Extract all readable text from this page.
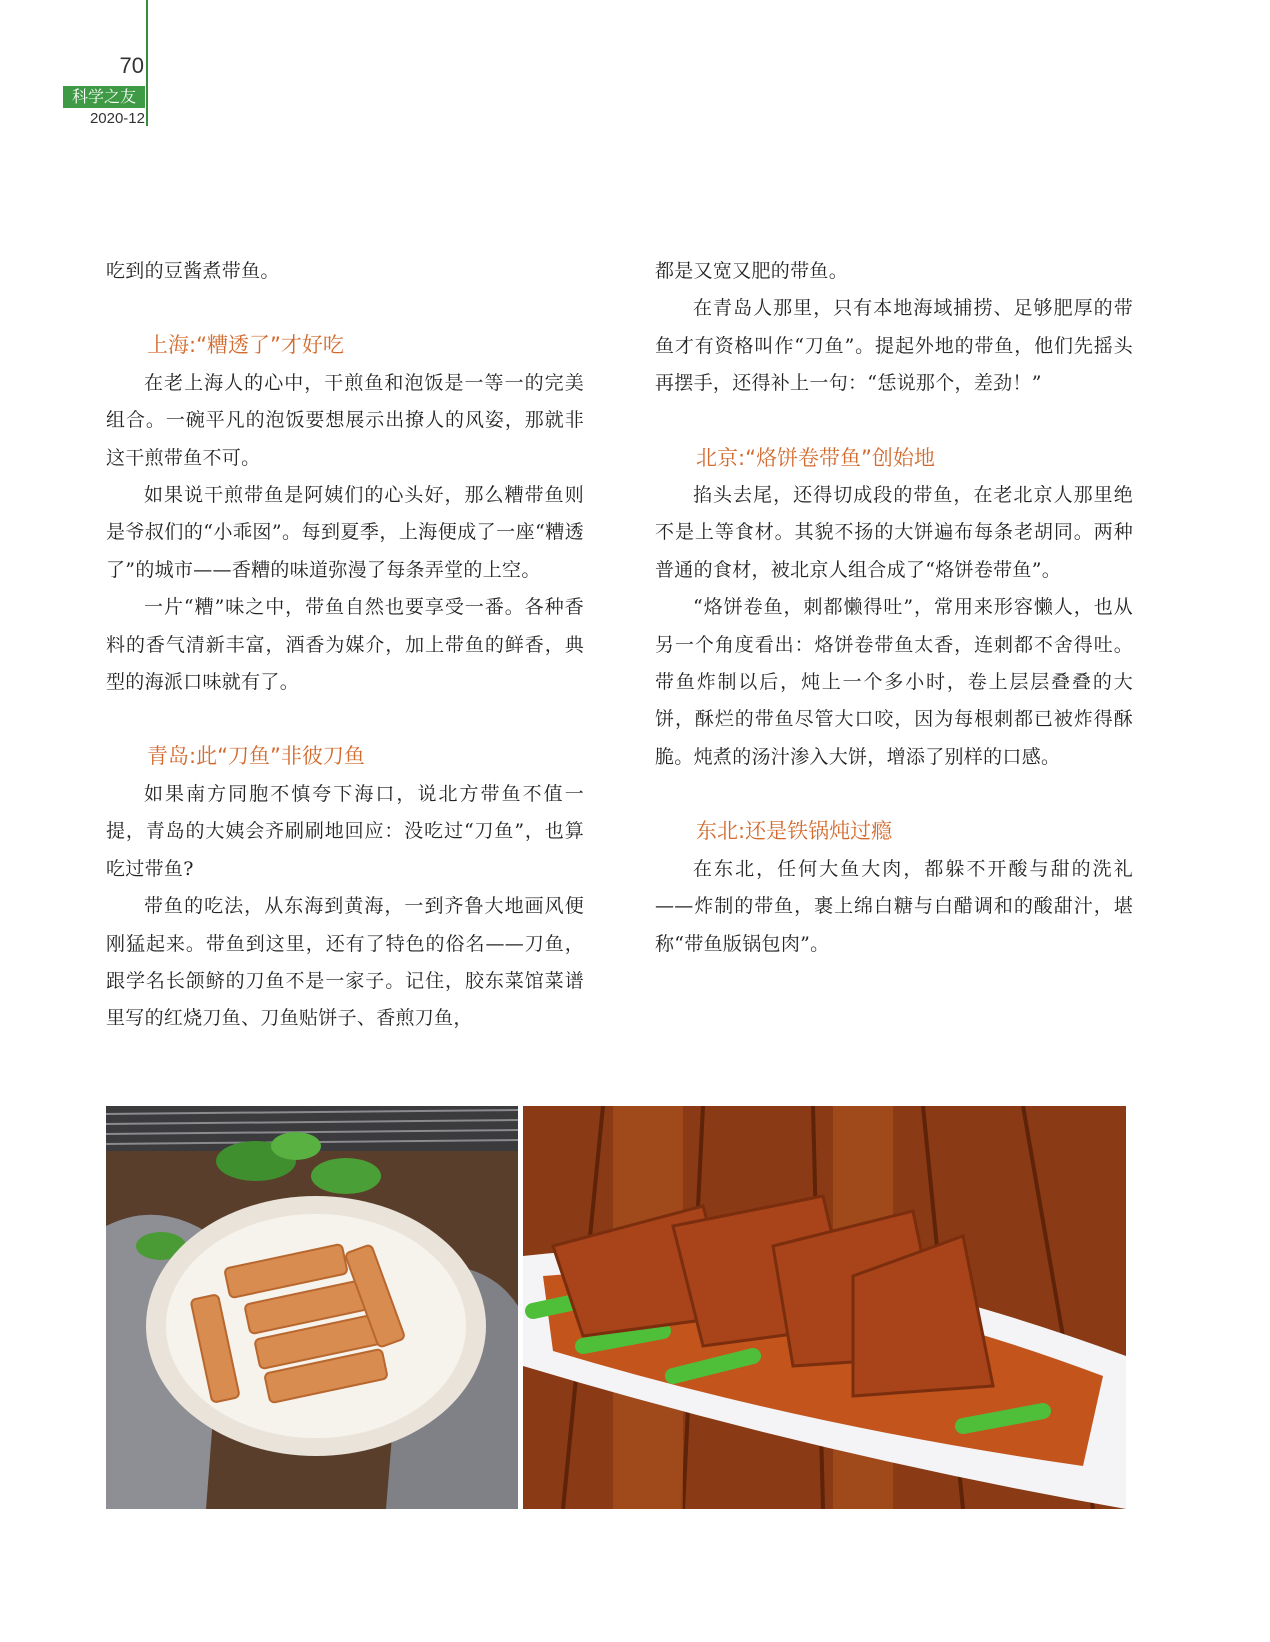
70
科学之友
2020-12

吃到的豆酱煮带鱼。

上海:“糟透了”才好吃

在老上海人的心中，干煎鱼和泡饭是一等一的完美组合。一碗平凡的泡饭要想展示出撩人的风姿，那就非这干煎带鱼不可。

如果说干煎带鱼是阿姨们的心头好，那么糟带鱼则是爷叔们的“小乖囡”。每到夏季，上海便成了一座“糟透了”的城市——香糟的味道弥漫了每条弄堂的上空。

一片“糟”味之中，带鱼自然也要享受一番。各种香料的香气清新丰富，酒香为媒介，加上带鱼的鲜香，典型的海派口味就有了。

青岛:此“刀鱼”非彼刀鱼

如果南方同胞不慎夸下海口，说北方带鱼不值一提，青岛的大姨会齐刷刷地回应：没吃过“刀鱼”，也算吃过带鱼?

带鱼的吃法，从东海到黄海，一到齐鲁大地画风便刚猛起来。带鱼到这里，还有了特色的俗名——刀鱼，跟学名长颌鲚的刀鱼不是一家子。记住，胶东菜馆菜谱里写的红烧刀鱼、刀鱼贴饼子、香煎刀鱼，

都是又宽又肥的带鱼。

在青岛人那里，只有本地海域捕捞、足够肥厚的带鱼才有资格叫作“刀鱼”。提起外地的带鱼，他们先摇头再摆手，还得补上一句：“恁说那个，差劲！”

北京:“烙饼卷带鱼”创始地

掐头去尾，还得切成段的带鱼，在老北京人那里绝不是上等食材。其貌不扬的大饼遍布每条老胡同。两种普通的食材，被北京人组合成了“烙饼卷带鱼”。

“烙饼卷鱼，刺都懒得吐”，常用来形容懒人，也从另一个角度看出：烙饼卷带鱼太香，连刺都不舍得吐。带鱼炸制以后，炖上一个多小时，卷上层层叠叠的大饼，酥烂的带鱼尽管大口咬，因为每根刺都已被炸得酥脆。炖煮的汤汁渗入大饼，增添了别样的口感。

东北:还是铁锅炖过瘾

在东北，任何大鱼大肉，都躲不开酸与甜的洗礼——炸制的带鱼，裹上绵白糖与白醋调和的酸甜汁，堪称“带鱼版锅包肉”。
